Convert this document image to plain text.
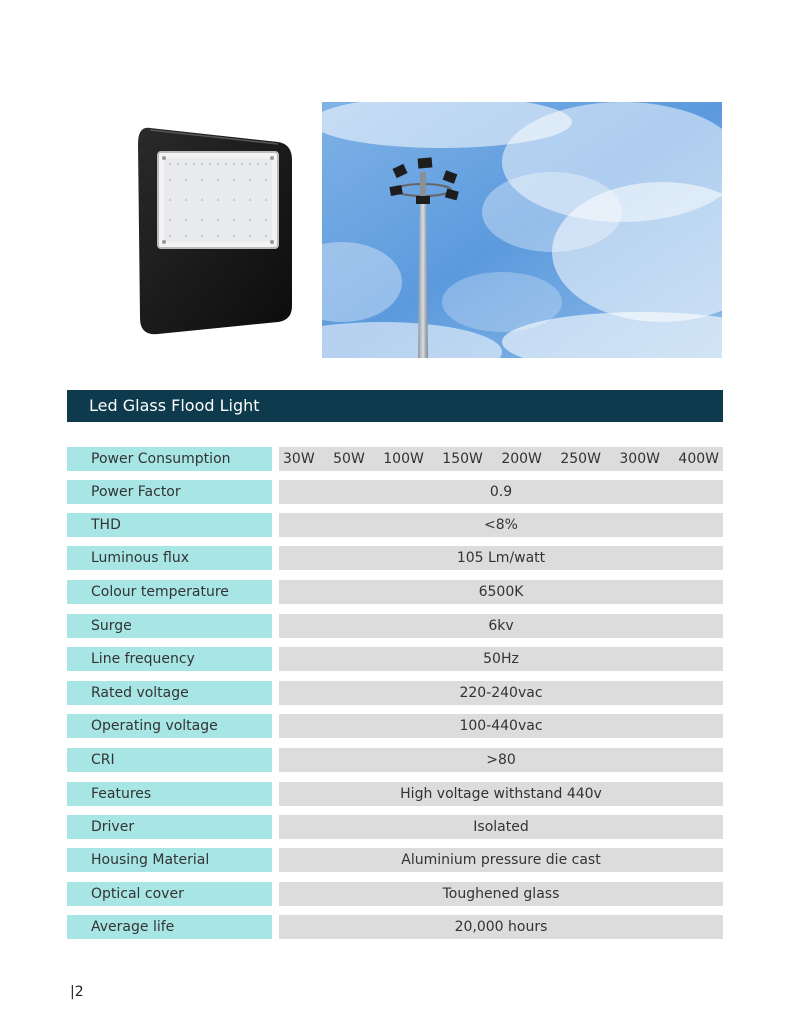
Led Glass Flood Light
Power Consumption	30W 50W 100W 150W 200W 250W 300W 400W
Power Factor	0.9
THD	<8%
Luminous flux	105 Lm/watt
Colour temperature	6500K
Surge	6kv
Line frequency	50Hz
Rated voltage	220-240vac
Operating voltage	100-440vac
CRI	>80
Features	High voltage withstand 440v
Driver	Isolated
Housing Material	Aluminium pressure die cast
Optical cover	Toughened glass
Average life	20,000 hours
|2
